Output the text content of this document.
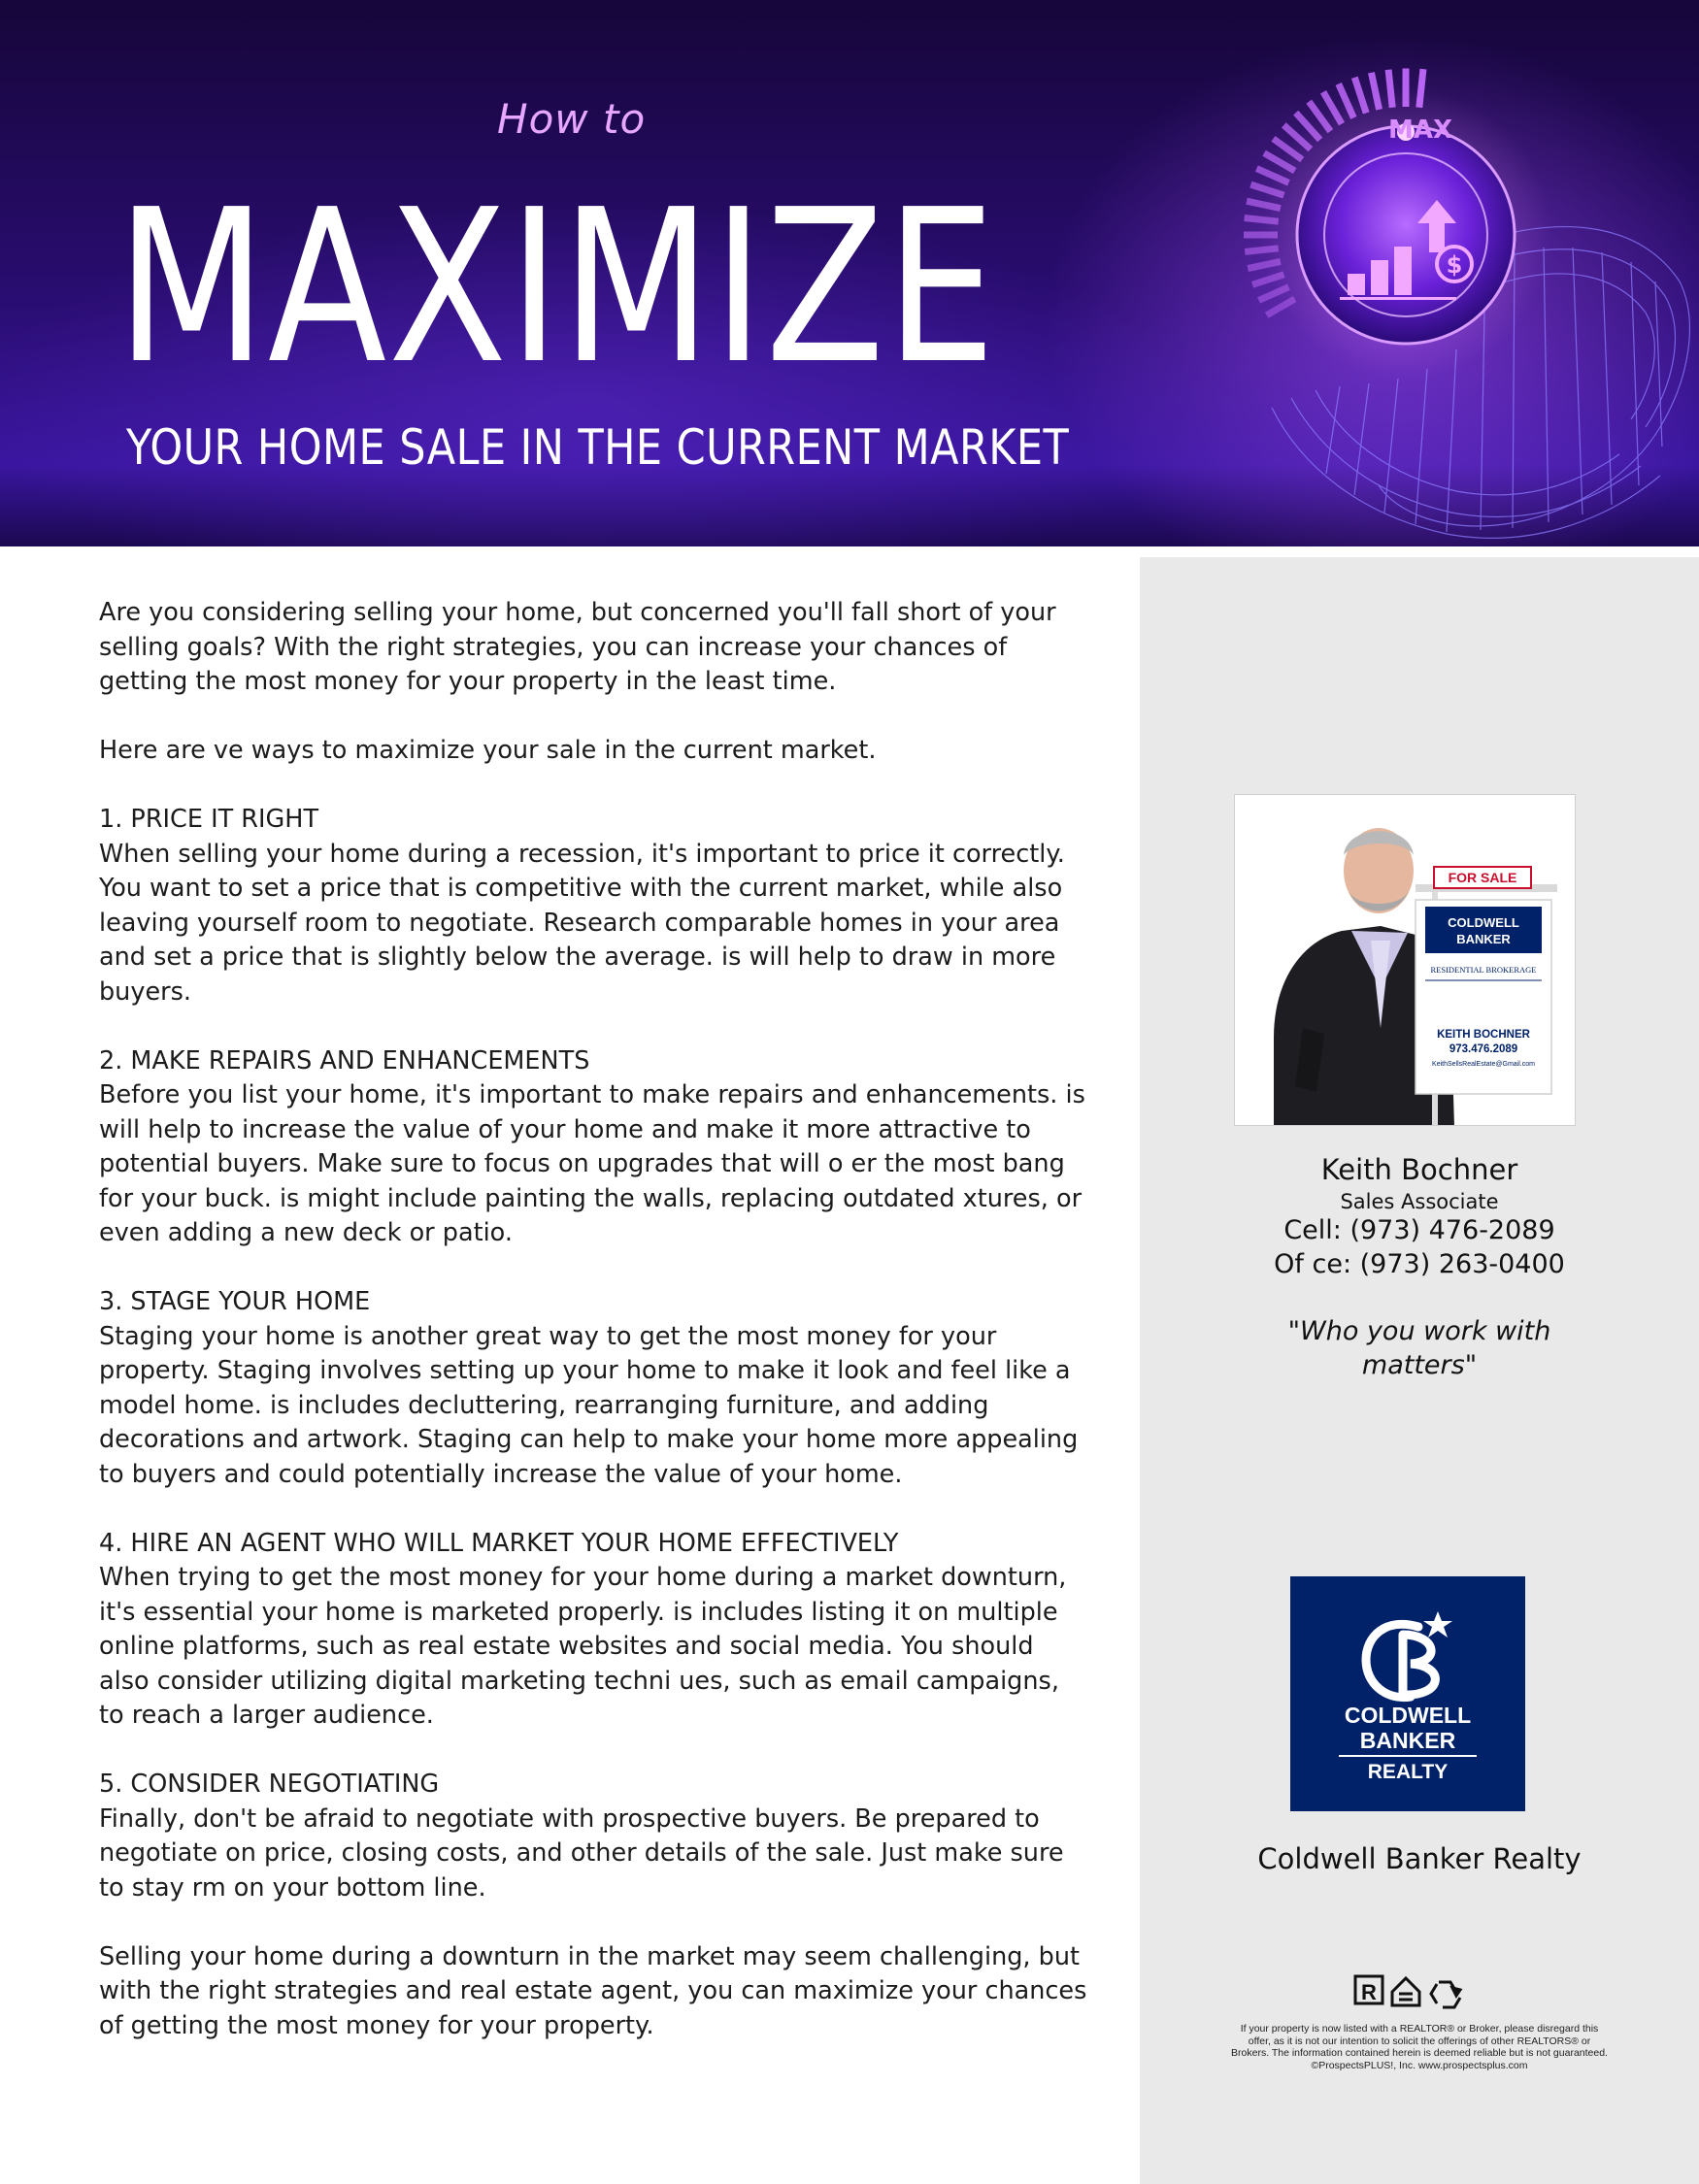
How to
MAXIMIZE
YOUR HOME SALE IN THE CURRENT MARKET
$
MAX

Are you considering selling your home, but concerned you'll fall short of your selling goals? With the right strategies, you can increase your chances of getting the most money for your property in the least time.

Here are ve ways to maximize your sale in the current market.

1. PRICE IT RIGHT

When selling your home during a recession, it's important to price it correctly. You want to set a price that is competitive with the current market, while also leaving yourself room to negotiate. Research comparable homes in your area and set a price that is slightly below the average. is will help to draw in more buyers.

2. MAKE REPAIRS AND ENHANCEMENTS

Before you list your home, it's important to make repairs and enhancements. is will help to increase the value of your home and make it more attractive to potential buyers. Make sure to focus on upgrades that will o er the most bang for your buck. is might include painting the walls, replacing outdated xtures, or even adding a new deck or patio.

3. STAGE YOUR HOME

Staging your home is another great way to get the most money for your property. Staging involves setting up your home to make it look and feel like a model home. is includes decluttering, rearranging furniture, and adding decorations and artwork. Staging can help to make your home more appealing to buyers and could potentially increase the value of your home.

4. HIRE AN AGENT WHO WILL MARKET YOUR HOME EFFECTIVELY

When trying to get the most money for your home during a market downturn, it's essential your home is marketed properly. is includes listing it on multiple online platforms, such as real estate websites and social media. You should also consider utilizing digital marketing techni ues, such as email campaigns, to reach a larger audience.

5. CONSIDER NEGOTIATING

Finally, don't be afraid to negotiate with prospective buyers. Be prepared to negotiate on price, closing costs, and other details of the sale. Just make sure to stay rm on your bottom line.

Selling your home during a downturn in the market may seem challenging, but with the right strategies and real estate agent, you can maximize your chances of getting the most money for your property.

FOR SALE
COLDWELL
BANKER
RESIDENTIAL BROKERAGE
KEITH BOCHNER
973.476.2089
KeithSellsRealEstate@Gmail.com
Keith Bochner
Sales Associate
Cell: (973) 476-2089
Of ce: (973) 263-0400
"Who you work with matters"
COLDWELL
BANKER
REALTY
Coldwell Banker Realty
R
If your property is now listed with a REALTOR® or Broker, please disregard this
offer, as it is not our intention to solicit the offerings of other REALTORS® or
Brokers. The information contained herein is deemed reliable but is not guaranteed.
©ProspectsPLUS!, Inc. www.prospectsplus.com
